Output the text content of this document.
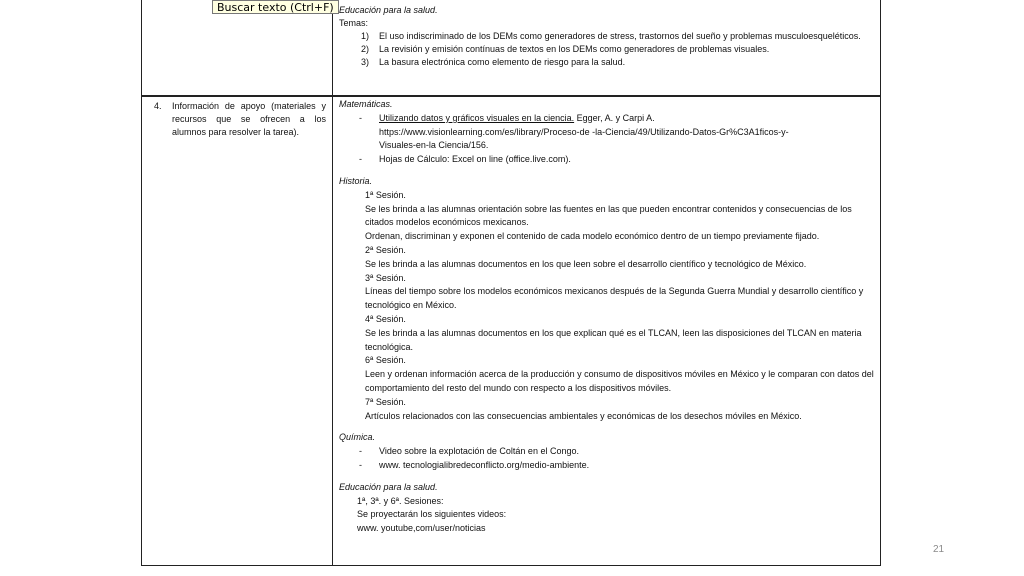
Educación para la salud.
Temas:
1) El uso indiscriminado de los DEMs como generadores de stress, trastornos del sueño y problemas musculoesqueléticos.
2) La revisión y emisión contínuas de textos en los DEMs como generadores de problemas visuales.
3) La basura electrónica como elemento de riesgo para la salud.
4. Información de apoyo (materiales y recursos que se ofrecen a los alumnos para resolver la tarea).
Matemáticas.
- Utilizando datos y gráficos visuales en la ciencia. Egger, A. y Carpi A.
https://www.visionlearning.com/es/library/Proceso-de -la-Ciencia/49/Utilizando-Datos-Gr%C3A1ficos-y-
Visuales-en-la Ciencia/156.
- Hojas de Cálculo: Excel on line (office.live.com).
Historia.
1ª Sesión.
Se les brinda a las alumnas orientación sobre las fuentes en las que pueden encontrar contenidos y consecuencias de los citados modelos económicos mexicanos.
Ordenan, discriminan y exponen el contenido de cada modelo económico dentro de un tiempo previamente fijado.
2ª Sesión.
Se les brinda a las alumnas documentos en los que leen sobre el desarrollo científico y tecnológico de México.
3ª Sesión.
Líneas del tiempo sobre los modelos económicos mexicanos después de la Segunda Guerra Mundial y desarrollo científico y tecnológico en México.
4ª Sesión.
Se les brinda a las alumnas documentos en los que explican qué es el TLCAN, leen las disposiciones del TLCAN en materia tecnológica.
6ª Sesión.
Leen y ordenan información acerca de la producción y consumo de dispositivos móviles en México y le comparan con datos del comportamiento del resto del mundo con respecto a los dispositivos móviles.
7ª Sesión.
Artículos relacionados con las consecuencias ambientales y económicas de los desechos móviles en México.
Química.
- Video sobre la explotación de Coltán en el Congo.
- www. tecnologialibredeconflicto.org/medio-ambiente.
Educación para la salud.
1ª, 3ª. y 6ª. Sesiones:
Se proyectarán los siguientes videos:
www. youtube,com/user/noticias
Buscar texto (Ctrl+F)
21
